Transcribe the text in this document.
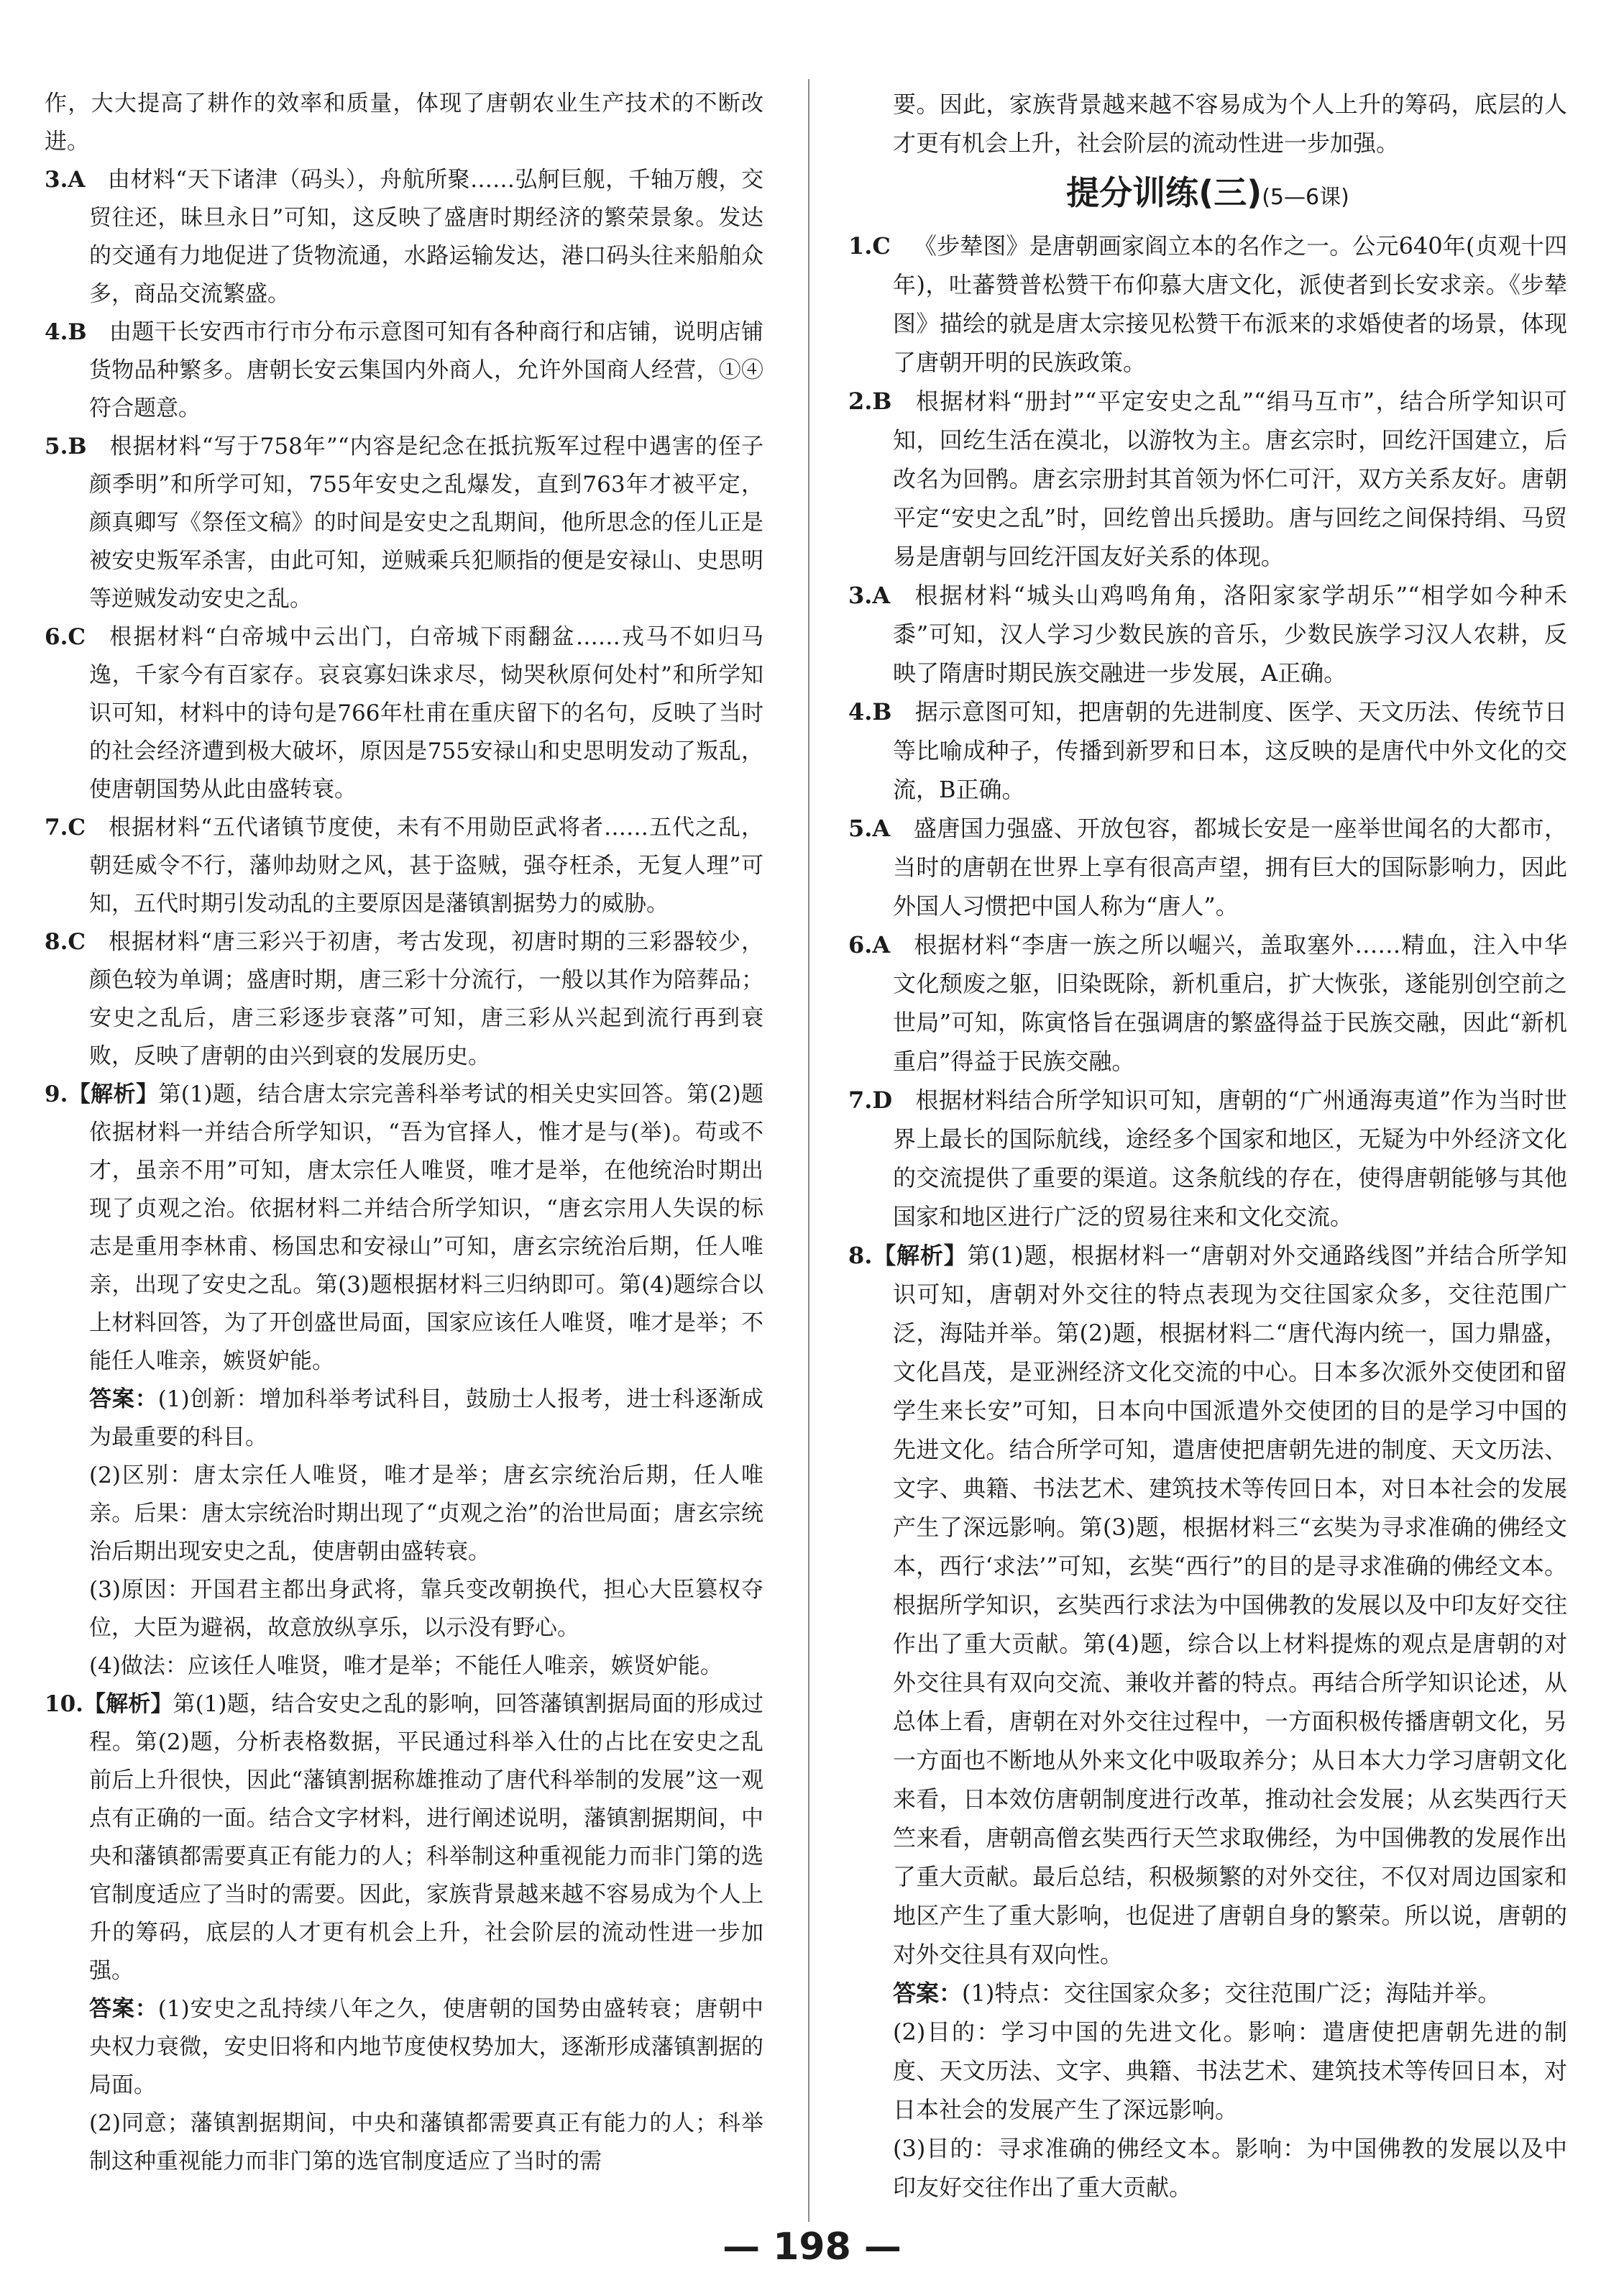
作，大大提高了耕作的效率和质量，体现了唐朝农业生产技术的不断改进。

3.A  由材料“天下诸津（码头），舟航所聚……弘舸巨舰，千轴万艘，交贸往还，昧旦永日”可知，这反映了盛唐时期经济的繁荣景象。发达的交通有力地促进了货物流通，水路运输发达，港口码头往来船舶众多，商品交流繁盛。

4.B  由题干长安西市行市分布示意图可知有各种商行和店铺，说明店铺货物品种繁多。唐朝长安云集国内外商人，允许外国商人经营，①④符合题意。

5.B  根据材料“写于758年”“内容是纪念在抵抗叛军过程中遇害的侄子颜季明”和所学可知，755年安史之乱爆发，直到763年才被平定，颜真卿写《祭侄文稿》的时间是安史之乱期间，他所思念的侄儿正是被安史叛军杀害，由此可知，逆贼乘兵犯顺指的便是安禄山、史思明等逆贼发动安史之乱。

6.C  根据材料“白帝城中云出门，白帝城下雨翻盆……戎马不如归马逸，千家今有百家存。哀哀寡妇诛求尽，恸哭秋原何处村”和所学知识可知，材料中的诗句是766年杜甫在重庆留下的名句，反映了当时的社会经济遭到极大破坏，原因是755安禄山和史思明发动了叛乱，使唐朝国势从此由盛转衰。

7.C  根据材料“五代诸镇节度使，未有不用勋臣武将者……五代之乱，朝廷威令不行，藩帅劫财之风，甚于盗贼，强夺枉杀，无复人理”可知，五代时期引发动乱的主要原因是藩镇割据势力的威胁。

8.C  根据材料“唐三彩兴于初唐，考古发现，初唐时期的三彩器较少，颜色较为单调；盛唐时期，唐三彩十分流行，一般以其作为陪葬品；安史之乱后，唐三彩逐步衰落”可知，唐三彩从兴起到流行再到衰败，反映了唐朝的由兴到衰的发展历史。

9.【解析】第(1)题，结合唐太宗完善科举考试的相关史实回答。第(2)题依据材料一并结合所学知识，“吾为官择人，惟才是与(举)。苟或不才，虽亲不用”可知，唐太宗任人唯贤，唯才是举，在他统治时期出现了贞观之治。依据材料二并结合所学知识，“唐玄宗用人失误的标志是重用李林甫、杨国忠和安禄山”可知，唐玄宗统治后期，任人唯亲，出现了安史之乱。第(3)题根据材料三归纳即可。第(4)题综合以上材料回答，为了开创盛世局面，国家应该任人唯贤，唯才是举；不能任人唯亲，嫉贤妒能。

答案：(1)创新：增加科举考试科目，鼓励士人报考，进士科逐渐成为最重要的科目。

(2)区别：唐太宗任人唯贤，唯才是举；唐玄宗统治后期，任人唯亲。后果：唐太宗统治时期出现了“贞观之治”的治世局面；唐玄宗统治后期出现安史之乱，使唐朝由盛转衰。

(3)原因：开国君主都出身武将，靠兵变改朝换代，担心大臣篡权夺位，大臣为避祸，故意放纵享乐，以示没有野心。

(4)做法：应该任人唯贤，唯才是举；不能任人唯亲，嫉贤妒能。

10.【解析】第(1)题，结合安史之乱的影响，回答藩镇割据局面的形成过程。第(2)题，分析表格数据，平民通过科举入仕的占比在安史之乱前后上升很快，因此“藩镇割据称雄推动了唐代科举制的发展”这一观点有正确的一面。结合文字材料，进行阐述说明，藩镇割据期间，中央和藩镇都需要真正有能力的人；科举制这种重视能力而非门第的选官制度适应了当时的需要。因此，家族背景越来越不容易成为个人上升的筹码，底层的人才更有机会上升，社会阶层的流动性进一步加强。

答案：(1)安史之乱持续八年之久，使唐朝的国势由盛转衰；唐朝中央权力衰微，安史旧将和内地节度使权势加大，逐渐形成藩镇割据的局面。

(2)同意；藩镇割据期间，中央和藩镇都需要真正有能力的人；科举制这种重视能力而非门第的选官制度适应了当时的需

要。因此，家族背景越来越不容易成为个人上升的筹码，底层的人才更有机会上升，社会阶层的流动性进一步加强。

提分训练(三)(5—6课)

1.C  《步辇图》是唐朝画家阎立本的名作之一。公元640年(贞观十四年)，吐蕃赞普松赞干布仰慕大唐文化，派使者到长安求亲。《步辇图》描绘的就是唐太宗接见松赞干布派来的求婚使者的场景，体现了唐朝开明的民族政策。

2.B  根据材料“册封”“平定安史之乱”“绢马互市”，结合所学知识可知，回纥生活在漠北，以游牧为主。唐玄宗时，回纥汗国建立，后改名为回鹘。唐玄宗册封其首领为怀仁可汗，双方关系友好。唐朝平定“安史之乱”时，回纥曾出兵援助。唐与回纥之间保持绢、马贸易是唐朝与回纥汗国友好关系的体现。

3.A  根据材料“城头山鸡鸣角角，洛阳家家学胡乐”“相学如今种禾黍”可知，汉人学习少数民族的音乐，少数民族学习汉人农耕，反映了隋唐时期民族交融进一步发展，A正确。

4.B  据示意图可知，把唐朝的先进制度、医学、天文历法、传统节日等比喻成种子，传播到新罗和日本，这反映的是唐代中外文化的交流，B正确。

5.A  盛唐国力强盛、开放包容，都城长安是一座举世闻名的大都市，当时的唐朝在世界上享有很高声望，拥有巨大的国际影响力，因此外国人习惯把中国人称为“唐人”。

6.A  根据材料“李唐一族之所以崛兴，盖取塞外……精血，注入中华文化颓废之躯，旧染既除，新机重启，扩大恢张，遂能别创空前之世局”可知，陈寅恪旨在强调唐的繁盛得益于民族交融，因此“新机重启”得益于民族交融。

7.D  根据材料结合所学知识可知，唐朝的“广州通海夷道”作为当时世界上最长的国际航线，途经多个国家和地区，无疑为中外经济文化的交流提供了重要的渠道。这条航线的存在，使得唐朝能够与其他国家和地区进行广泛的贸易往来和文化交流。

8.【解析】第(1)题，根据材料一“唐朝对外交通路线图”并结合所学知识可知，唐朝对外交往的特点表现为交往国家众多，交往范围广泛，海陆并举。第(2)题，根据材料二“唐代海内统一，国力鼎盛，文化昌茂，是亚洲经济文化交流的中心。日本多次派外交使团和留学生来长安”可知，日本向中国派遣外交使团的目的是学习中国的先进文化。结合所学可知，遣唐使把唐朝先进的制度、天文历法、文字、典籍、书法艺术、建筑技术等传回日本，对日本社会的发展产生了深远影响。第(3)题，根据材料三“玄奘为寻求准确的佛经文本，西行‘求法’”可知，玄奘“西行”的目的是寻求准确的佛经文本。根据所学知识，玄奘西行求法为中国佛教的发展以及中印友好交往作出了重大贡献。第(4)题，综合以上材料提炼的观点是唐朝的对外交往具有双向交流、兼收并蓄的特点。再结合所学知识论述，从总体上看，唐朝在对外交往过程中，一方面积极传播唐朝文化，另一方面也不断地从外来文化中吸取养分；从日本大力学习唐朝文化来看，日本效仿唐朝制度进行改革，推动社会发展；从玄奘西行天竺来看，唐朝高僧玄奘西行天竺求取佛经，为中国佛教的发展作出了重大贡献。最后总结，积极频繁的对外交往，不仅对周边国家和地区产生了重大影响，也促进了唐朝自身的繁荣。所以说，唐朝的对外交往具有双向性。

答案：(1)特点：交往国家众多；交往范围广泛；海陆并举。

(2)目的：学习中国的先进文化。影响：遣唐使把唐朝先进的制度、天文历法、文字、典籍、书法艺术、建筑技术等传回日本，对日本社会的发展产生了深远影响。

(3)目的：寻求准确的佛经文本。影响：为中国佛教的发展以及中印友好交往作出了重大贡献。

— 198 —
